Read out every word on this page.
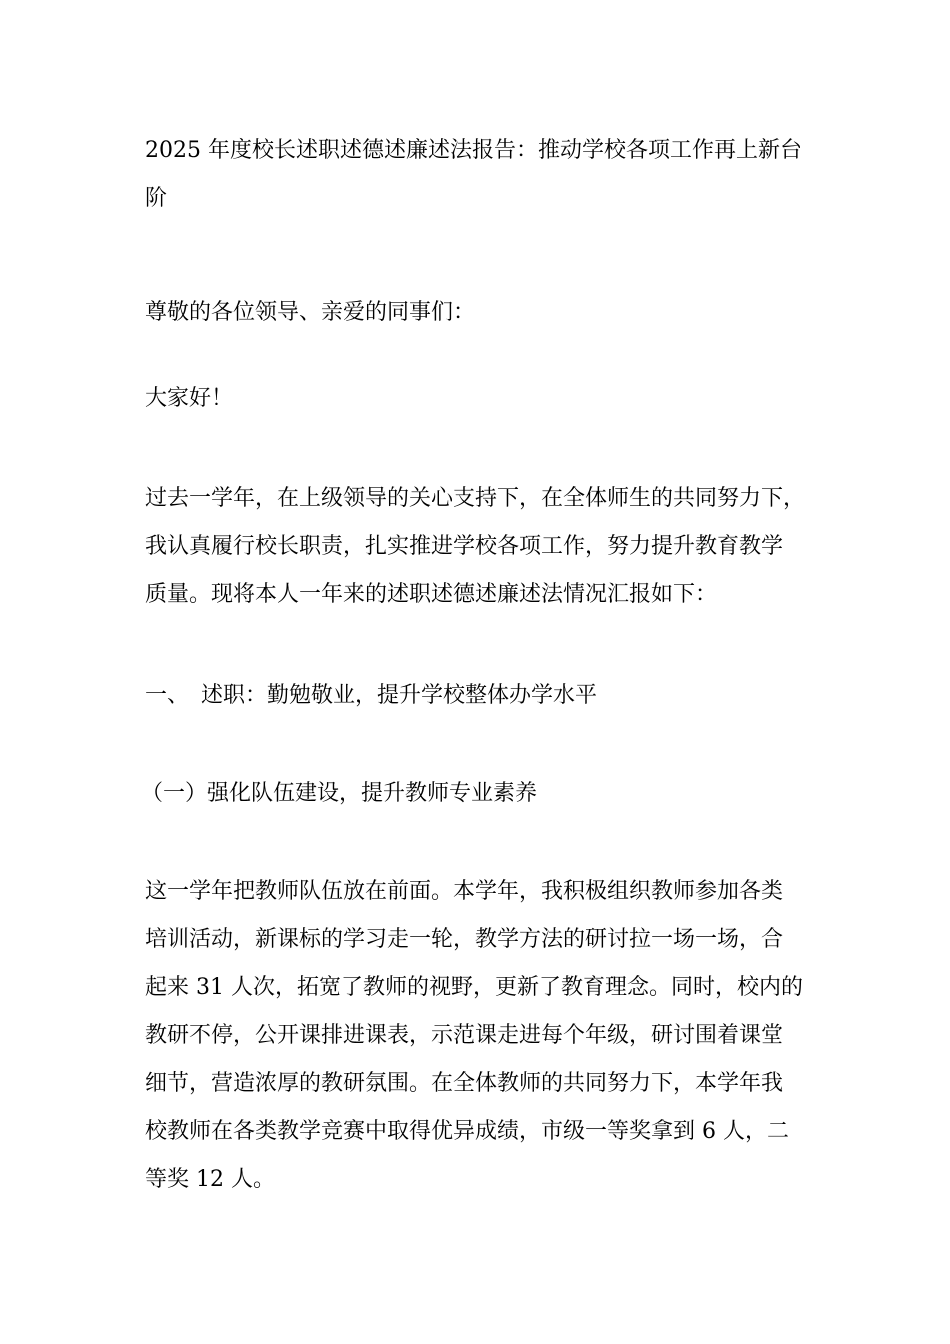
2025 年度校长述职述德述廉述法报告：推动学校各项工作再上新台
阶
尊敬的各位领导、亲爱的同事们：
大家好！
过去一学年，在上级领导的关心支持下，在全体师生的共同努力下，
我认真履行校长职责，扎实推进学校各项工作，努力提升教育教学
质量。现将本人一年来的述职述德述廉述法情况汇报如下：
一、 述职：勤勉敬业，提升学校整体办学水平
（一）强化队伍建设，提升教师专业素养
这一学年把教师队伍放在前面。本学年，我积极组织教师参加各类
培训活动，新课标的学习走一轮，教学方法的研讨拉一场一场，合
起来 31 人次，拓宽了教师的视野，更新了教育理念。同时，校内的
教研不停，公开课排进课表，示范课走进每个年级，研讨围着课堂
细节，营造浓厚的教研氛围。在全体教师的共同努力下，本学年我
校教师在各类教学竞赛中取得优异成绩，市级一等奖拿到 6 人，二
等奖 12 人。
